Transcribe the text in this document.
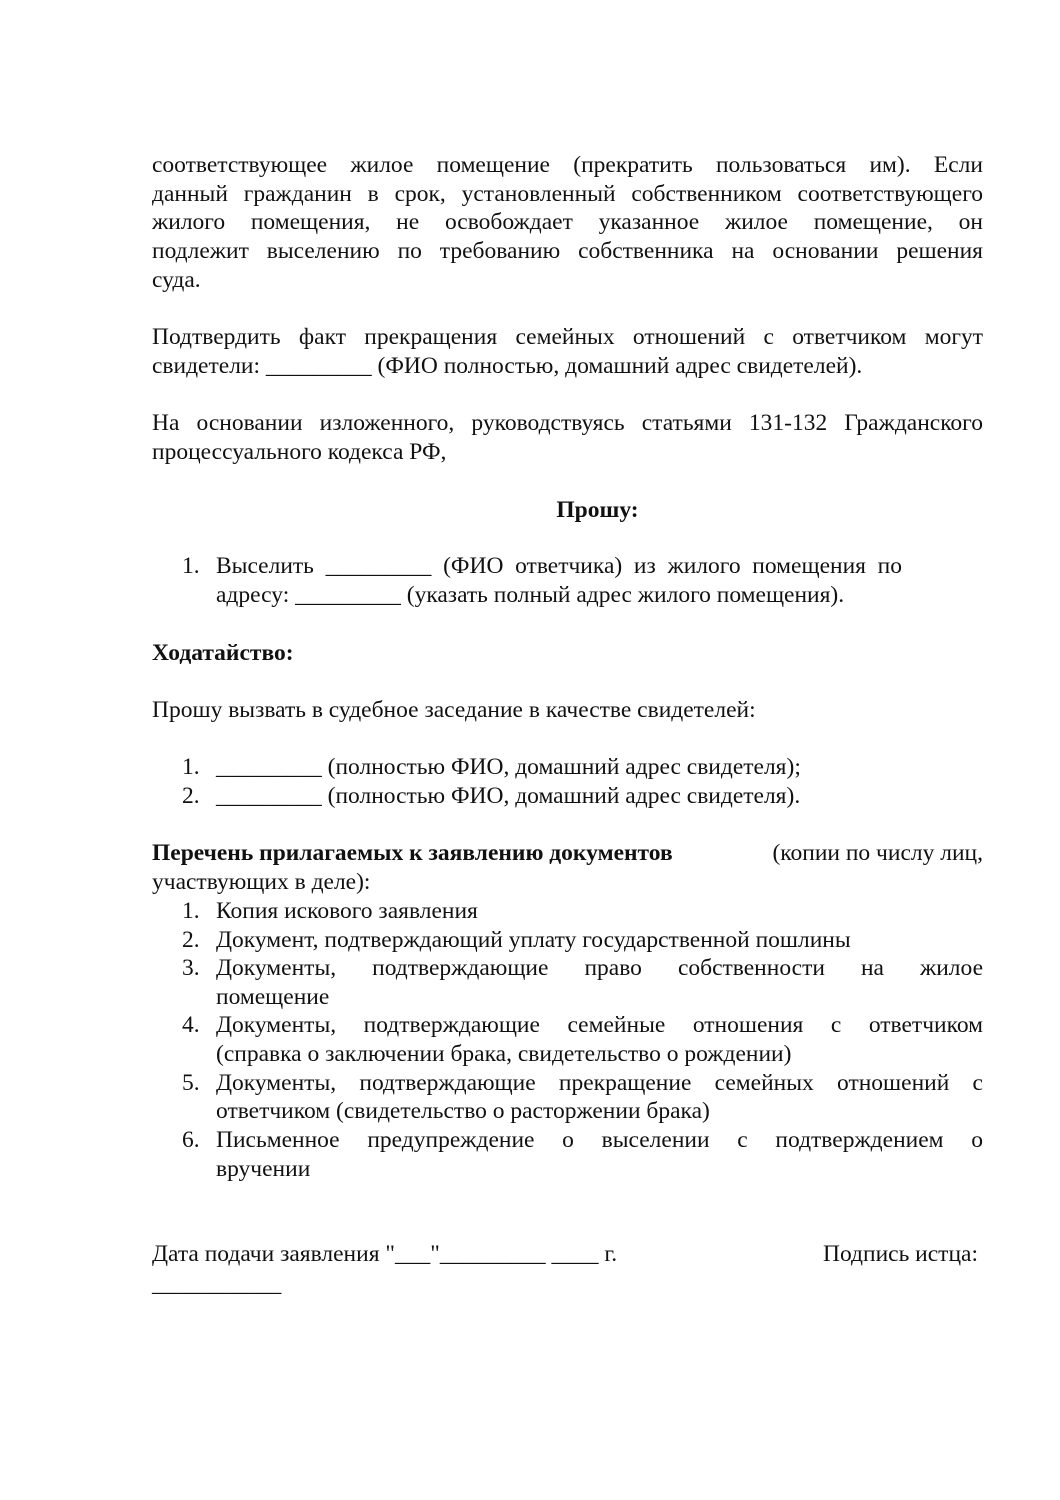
соответствующее жилое помещение (прекратить пользоваться им). Если
данный гражданин в срок, установленный собственником соответствующего
жилого помещения, не освобождает указанное жилое помещение, он
подлежит выселению по требованию собственника на основании решения
суда.
Подтвердить факт прекращения семейных отношений с ответчиком могут
свидетели: _________ (ФИО полностью, домашний адрес свидетелей).
На основании изложенного, руководствуясь статьями 131-132 Гражданского
процессуального кодекса РФ,
Прошу:
1. Выселить _________ (ФИО ответчика) из жилого помещения по
адресу: _________ (указать полный адрес жилого помещения).
Ходатайство:
Прошу вызвать в судебное заседание в качестве свидетелей:
1. _________ (полностью ФИО, домашний адрес свидетеля);
2. _________ (полностью ФИО, домашний адрес свидетеля).
Перечень прилагаемых к заявлению документов	(копии по числу лиц,
участвующих в деле):
1. Копия искового заявления
2. Документ, подтверждающий уплату государственной пошлины
3. Документы, подтверждающие право собственности на жилое
помещение
4. Документы, подтверждающие семейные отношения с ответчиком
(справка о заключении брака, свидетельство о рождении)
5. Документы, подтверждающие прекращение семейных отношений с
ответчиком (свидетельство о расторжении брака)
6. Письменное предупреждение о выселении с подтверждением о
вручении
Дата подачи заявления "___"_________ ____ г.	Подпись истца:
___________
